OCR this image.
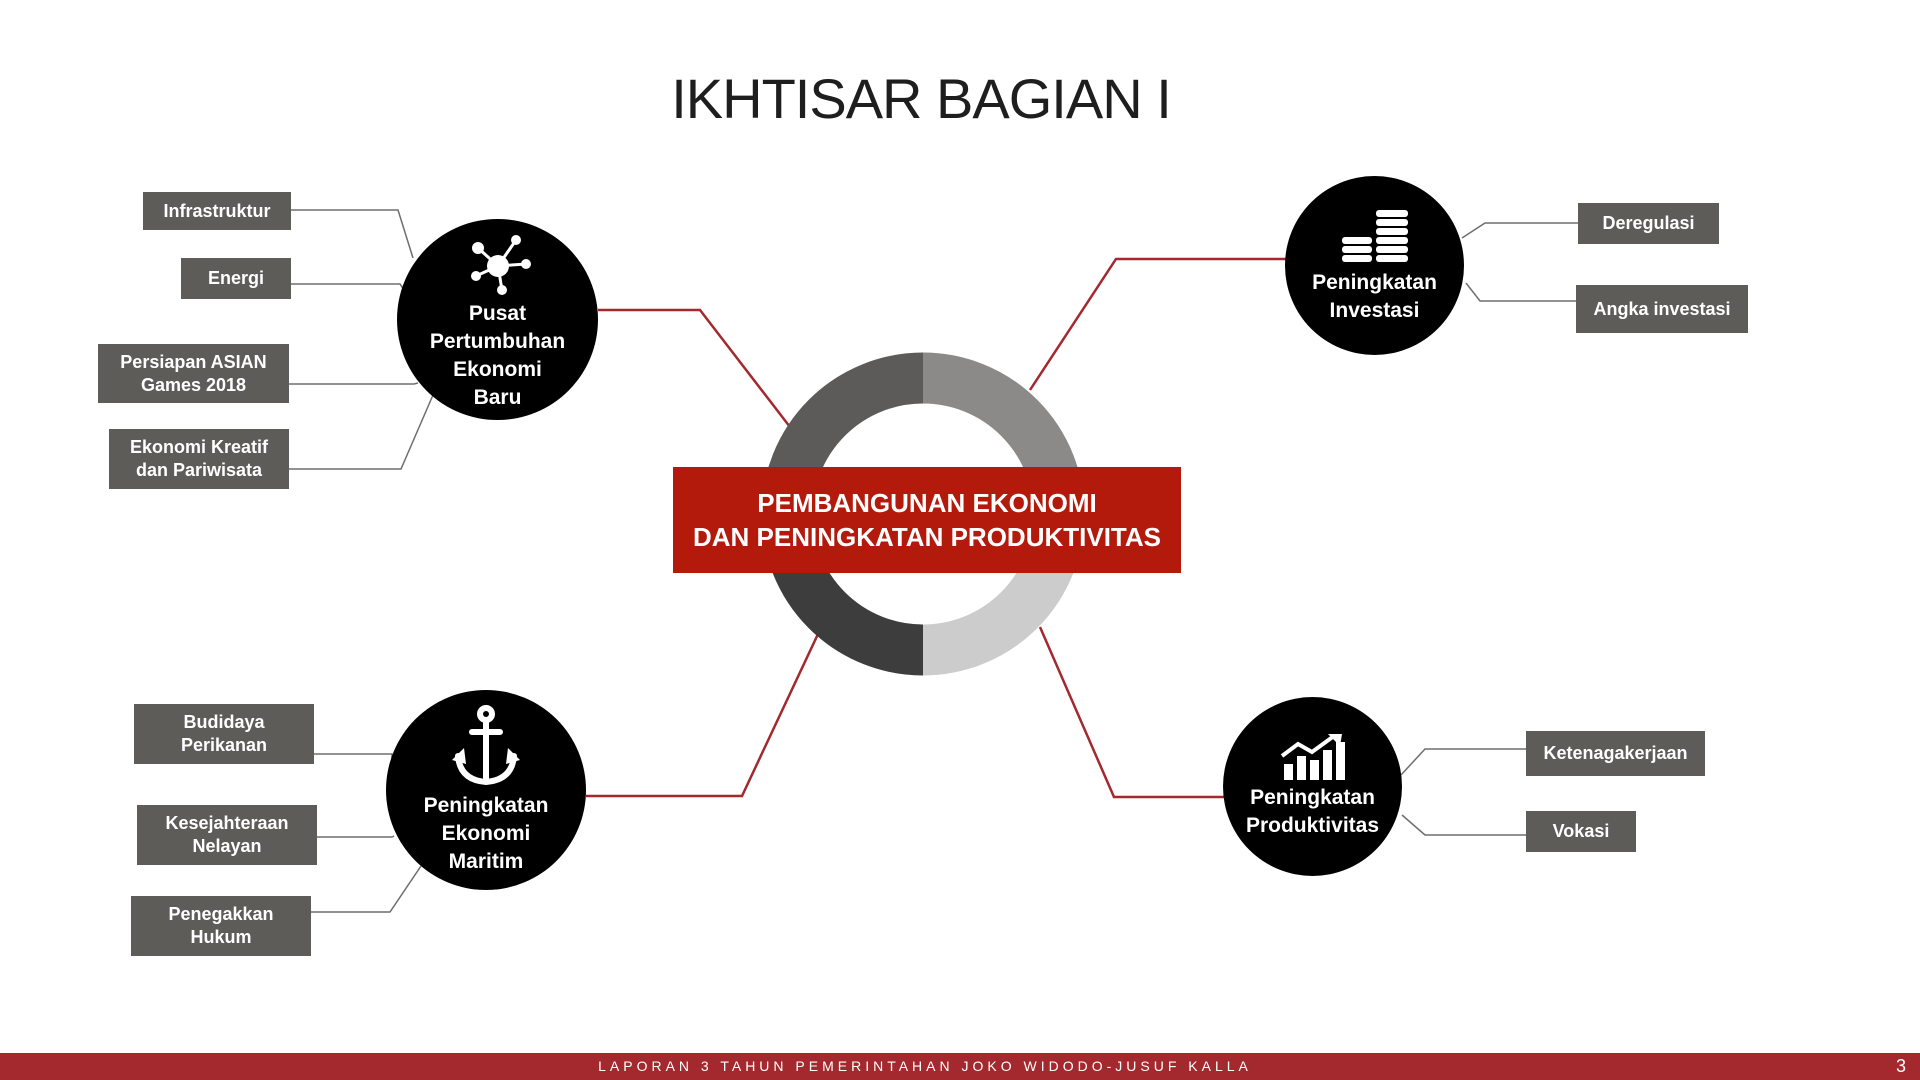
IKHTISAR BAGIAN I
PEMBANGUNAN EKONOMI
DAN PENINGKATAN PRODUKTIVITAS
Pusat
Pertumbuhan
Ekonomi
Baru
Infrastruktur
Energi
Persiapan ASIAN
Games 2018
Ekonomi Kreatif
dan Pariwisata
Peningkatan
Investasi
Deregulasi
Angka investasi
Peningkatan
Ekonomi
Maritim
Budidaya
Perikanan
Kesejahteraan
Nelayan
Penegakkan
Hukum
Peningkatan
Produktivitas
Ketenagakerjaan
Vokasi
LAPORAN 3 TAHUN PEMERINTAHAN JOKO WIDODO-JUSUF KALLA	3
